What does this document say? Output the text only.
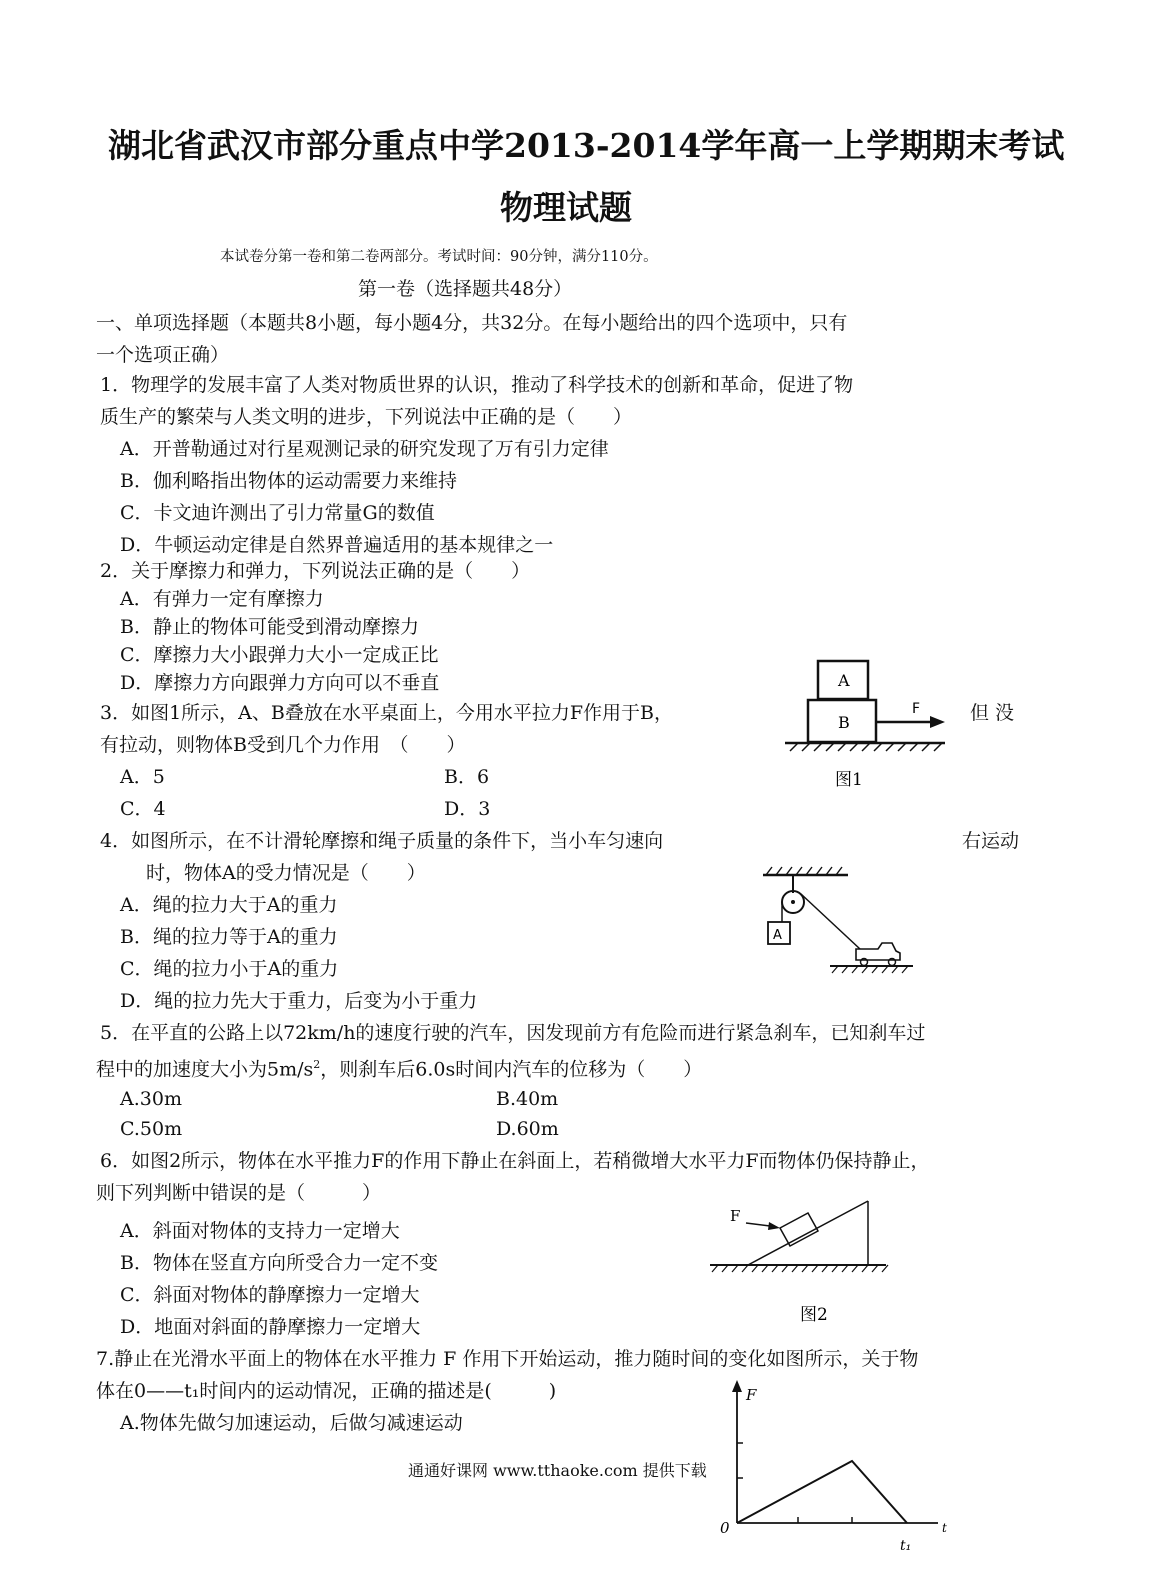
湖北省武汉市部分重点中学2013-2014学年高一上学期期末考试
物理试题
本试卷分第一卷和第二卷两部分。考试时间：90分钟，满分110分。
第一卷（选择题共48分）
一、单项选择题（本题共8小题，每小题4分，共32分。在每小题给出的四个选项中，只有
一个选项正确）
1．物理学的发展丰富了人类对物质世界的认识，推动了科学技术的创新和革命，促进了物
质生产的繁荣与人类文明的进步，下列说法中正确的是（　　）
A．开普勒通过对行星观测记录的研究发现了万有引力定律
B．伽利略指出物体的运动需要力来维持
C．卡文迪许测出了引力常量G的数值
D．牛顿运动定律是自然界普遍适用的基本规律之一
2．关于摩擦力和弹力，下列说法正确的是（　　）
A．有弹力一定有摩擦力
B．静止的物体可能受到滑动摩擦力
C．摩擦力大小跟弹力大小一定成正比
D．摩擦力方向跟弹力方向可以不垂直
3．如图1所示，A、B叠放在水平桌面上，今用水平拉力F作用于B，	但 没
有拉动，则物体B受到几个力作用　（　　）
A．5	B．6
C．4	D．3
A
B
F
图1
4．如图所示，在不计滑轮摩擦和绳子质量的条件下，当小车匀速向	右运动
时，物体A的受力情况是（　　）
A．绳的拉力大于A的重力
B．绳的拉力等于A的重力
C．绳的拉力小于A的重力
D．绳的拉力先大于重力，后变为小于重力
A
5．在平直的公路上以72km/h的速度行驶的汽车，因发现前方有危险而进行紧急刹车，已知刹车过
程中的加速度大小为$5m/s^2$，则刹车后6.0s时间内汽车的位移为（　　）
A.30m	B.40m
C.50m	D.60m
6．如图2所示，物体在水平推力F的作用下静止在斜面上，若稍微增大水平力F而物体仍保持静止，
则下列判断中错误的是（　　　）
A．斜面对物体的支持力一定增大
B．物体在竖直方向所受合力一定不变
C．斜面对物体的静摩擦力一定增大
D．地面对斜面的静摩擦力一定增大
F
图2
7.静止在光滑水平面上的物体在水平推力 F 作用下开始运动，推力随时间的变化如图所示，关于物
体在0——t₁时间内的运动情况，正确的描述是(　　　)
A.物体先做匀加速运动，后做匀减速运动
F
t
0
t₁
通通好课网 www.tthaoke.com 提供下载
